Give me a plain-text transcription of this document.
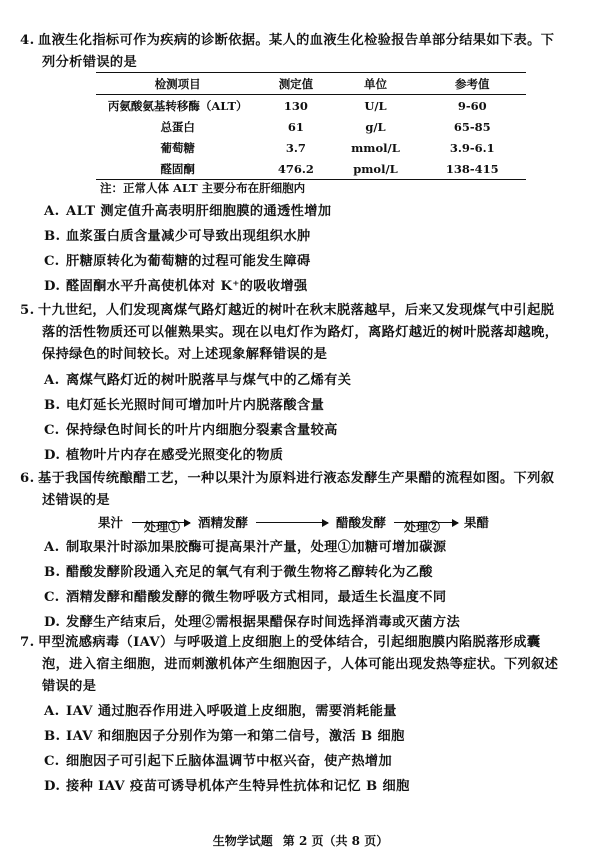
4. 血液生化指标可作为疾病的诊断依据。某人的血液生化检验报告单部分结果如下表。下
列分析错误的是
检测项目	测定值	单位	参考值
丙氨酸氨基转移酶（ALT）	130	U/L	9-60
总蛋白	61	g/L	65-85
葡萄糖	3.7	mmol/L	3.9-6.1
醛固酮	476.2	pmol/L	138-415
注：正常人体 ALT 主要分布在肝细胞内
A. ALT 测定值升高表明肝细胞膜的通透性增加
B. 血浆蛋白质含量减少可导致出现组织水肿
C. 肝糖原转化为葡萄糖的过程可能发生障碍
D. 醛固酮水平升高使机体对 K⁺的吸收增强
5. 十九世纪，人们发现离煤气路灯越近的树叶在秋末脱落越早，后来又发现煤气中引起脱
落的活性物质还可以催熟果实。现在以电灯作为路灯，离路灯越近的树叶脱落却越晚，
保持绿色的时间较长。对上述现象解释错误的是
A. 离煤气路灯近的树叶脱落早与煤气中的乙烯有关
B. 电灯延长光照时间可增加叶片内脱落酸含量
C. 保持绿色时间长的叶片内细胞分裂素含量较高
D. 植物叶片内存在感受光照变化的物质
6. 基于我国传统酿醋工艺，一种以果汁为原料进行液态发酵生产果醋的流程如图。下列叙
述错误的是
果汁 处理① 酒精发酵	醋酸发酵 处理② 果醋
A. 制取果汁时添加果胶酶可提高果汁产量，处理①加糖可增加碳源
B. 醋酸发酵阶段通入充足的氧气有利于微生物将乙醇转化为乙酸
C. 酒精发酵和醋酸发酵的微生物呼吸方式相同，最适生长温度不同
D. 发酵生产结束后，处理②需根据果醋保存时间选择消毒或灭菌方法
7. 甲型流感病毒（IAV）与呼吸道上皮细胞上的受体结合，引起细胞膜内陷脱落形成囊
泡，进入宿主细胞，进而刺激机体产生细胞因子，人体可能出现发热等症状。下列叙述
错误的是
A. IAV 通过胞吞作用进入呼吸道上皮细胞，需要消耗能量
B. IAV 和细胞因子分别作为第一和第二信号，激活 B 细胞
C. 细胞因子可引起下丘脑体温调节中枢兴奋，使产热增加
D. 接种 IAV 疫苗可诱导机体产生特异性抗体和记忆 B 细胞
生物学试题 第 2 页（共 8 页）
